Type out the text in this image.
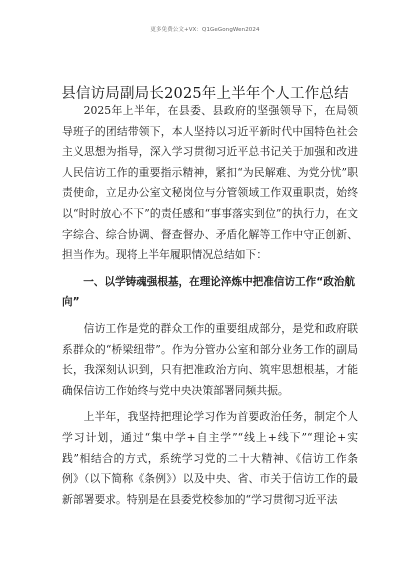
更多免费公文+VX：Q1GeGongWen2024
县信访局副局长2025年上半年个人工作总结

2025年上半年，在县委、县政府的坚强领导下，在局领导班子的团结带领下，本人坚持以习近平新时代中国特色社会主义思想为指导，深入学习贯彻习近平总书记关于加强和改进人民信访工作的重要指示精神，紧扣“为民解难、为党分忧”职责使命，立足办公室文秘岗位与分管领域工作双重职责，始终以“时时放心不下”的责任感和“事事落实到位”的执行力，在文字综合、综合协调、督查督办、矛盾化解等工作中守正创新、担当作为。现将上半年履职情况总结如下：

一、以学铸魂强根基，在理论淬炼中把准信访工作“政治航向”

信访工作是党的群众工作的重要组成部分，是党和政府联系群众的“桥梁纽带”。作为分管办公室和部分业务工作的副局长，我深刻认识到，只有把准政治方向、筑牢思想根基，才能确保信访工作始终与党中央决策部署同频共振。

上半年，我坚持把理论学习作为首要政治任务，制定个人学习计划，通过“集中学+自主学”“线上+线下”“理论+实践”相结合的方式，系统学习党的二十大精神、《信访工作条例》（以下简称《条例》）以及中央、省、市关于信访工作的最新部署要求。特别是在县委党校参加的“学习贯彻习近平法
